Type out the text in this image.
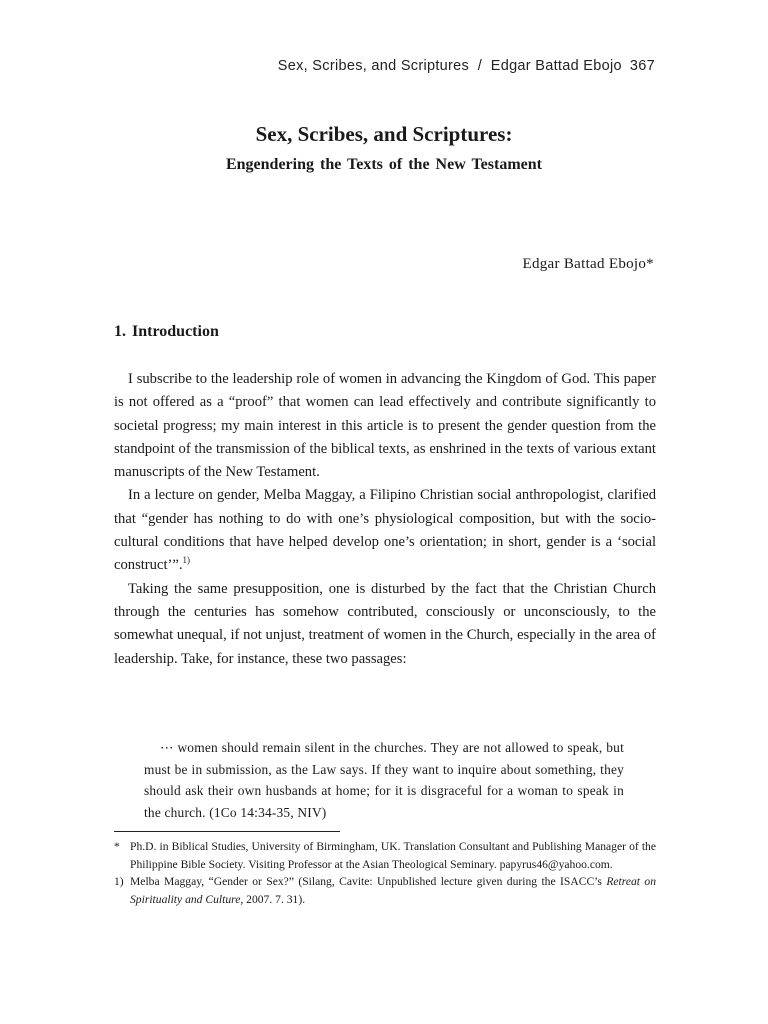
Sex, Scribes, and Scriptures  /  Edgar Battad Ebojo 367
Sex, Scribes, and Scriptures:
Engendering the Texts of the New Testament
Edgar Battad Ebojo*
1. Introduction

I subscribe to the leadership role of women in advancing the Kingdom of God. This paper is not offered as a “proof” that women can lead effectively and contribute significantly to societal progress; my main interest in this article is to present the gender question from the standpoint of the transmission of the biblical texts, as enshrined in the texts of various extant manuscripts of the New Testament.

In a lecture on gender, Melba Maggay, a Filipino Christian social anthropologist, clarified that “gender has nothing to do with one’s physiological composition, but with the socio-cultural conditions that have helped develop one’s orientation; in short, gender is a ‘social construct’”.$^{1)}$

Taking the same presupposition, one is disturbed by the fact that the Christian Church through the centuries has somehow contributed, consciously or unconsciously, to the somewhat unequal, if not unjust, treatment of women in the Church, especially in the area of leadership. Take, for instance, these two passages:

⋯ women should remain silent in the churches. They are not allowed to speak, but must be in submission, as the Law says. If they want to inquire about something, they should ask their own husbands at home; for it is disgraceful for a woman to speak in the church. (1Co 14:34-35, NIV)
* Ph.D. in Biblical Studies, University of Birmingham, UK. Translation Consultant and Publishing Manager of the Philippine Bible Society. Visiting Professor at the Asian Theological Seminary. papyrus46@yahoo.com.
1) Melba Maggay, “Gender or Sex?” (Silang, Cavite: Unpublished lecture given during the ISACC’s Retreat on Spirituality and Culture, 2007. 7. 31).
